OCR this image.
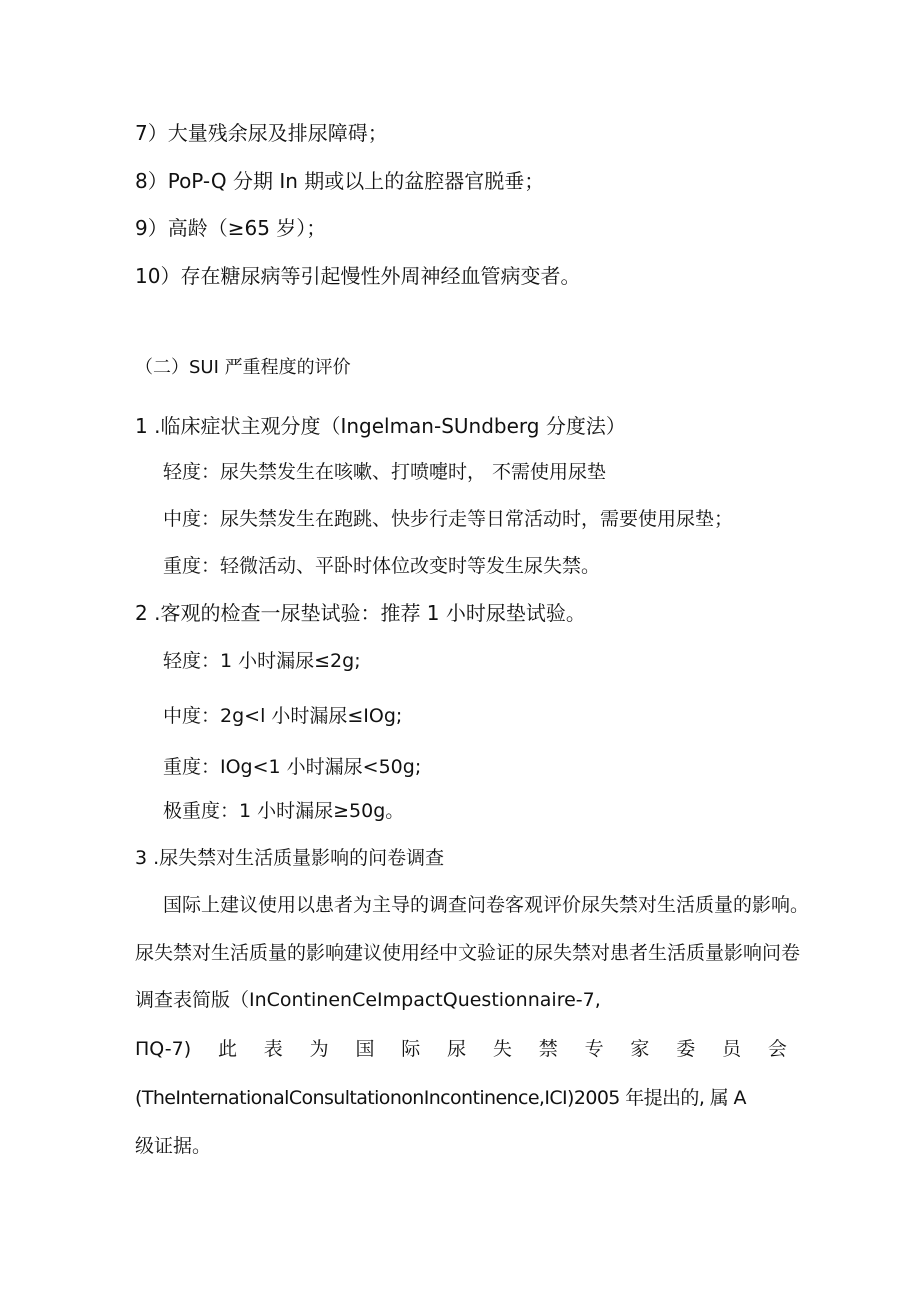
7）大量残余尿及排尿障碍；
8）PoP-Q 分期 In 期或以上的盆腔器官脱垂；
9）高龄（≥65 岁）；
10）存在糖尿病等引起慢性外周神经血管病变者。
（二）SUI 严重程度的评价
1 .临床症状主观分度（Ingelman-SUndberg 分度法）
轻度：尿失禁发生在咳嗽、打喷嚏时， 不需使用尿垫
中度：尿失禁发生在跑跳、快步行走等日常活动时，需要使用尿垫；
重度：轻微活动、平卧时体位改变时等发生尿失禁。
2 .客观的检查一尿垫试验：推荐 1 小时尿垫试验。
轻度：1 小时漏尿≤2g;
中度：2g<l 小时漏尿≤IOg;
重度：IOg<1 小时漏尿<50g;
极重度：1 小时漏尿≥50g。
3 .尿失禁对生活质量影响的问卷调查
国际上建议使用以患者为主导的调查问卷客观评价尿失禁对生活质量的影响。
尿失禁对生活质量的影响建议使用经中文验证的尿失禁对患者生活质量影响问卷
调查表简版（InContinenCeImpactQuestionnaire-7,
ΠQ-7) 此 表 为 国 际 尿 失 禁 专 家 委 员 会
(TheInternationalConsultationonIncontinence,ICI)2005 年提出的, 属 A
级证据。
